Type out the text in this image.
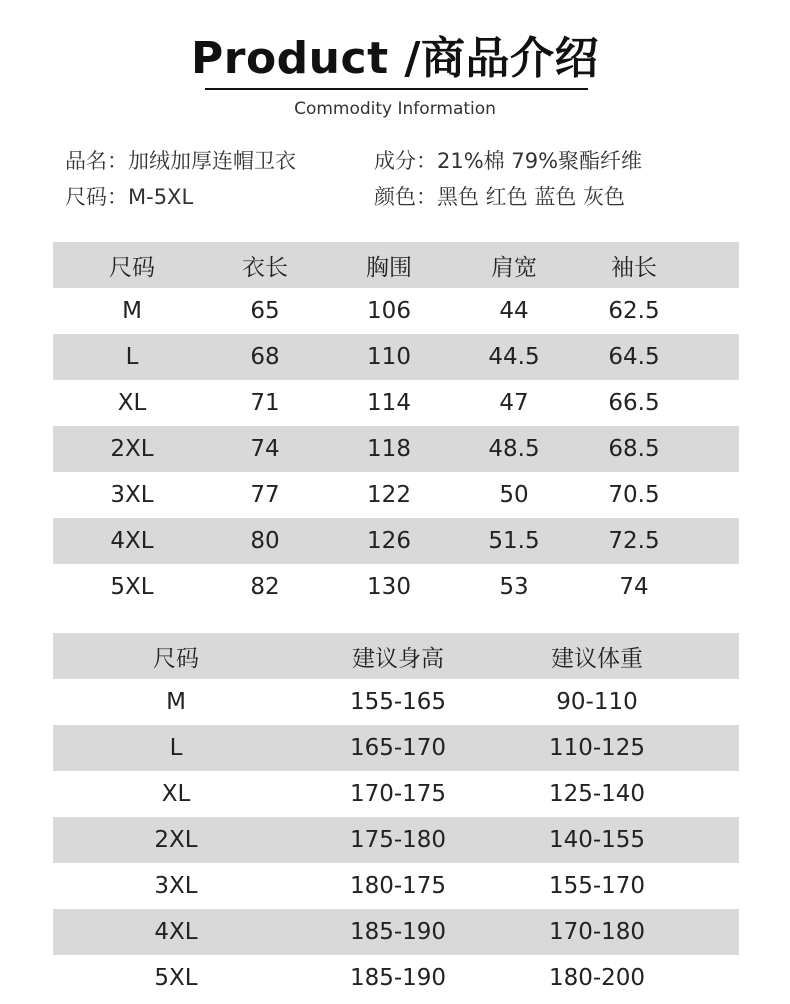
Product /商品介绍
Commodity Information
品名：加绒加厚连帽卫衣	成分：21%棉 79%聚酯纤维
尺码：M-5XL	颜色：黑色 红色 蓝色 灰色
尺码	衣长	胸围	肩宽	袖长
M	65	106	44	62.5
L	68	110	44.5	64.5
XL	71	114	47	66.5
2XL	74	118	48.5	68.5
3XL	77	122	50	70.5
4XL	80	126	51.5	72.5
5XL	82	130	53	74
尺码	建议身高	建议体重
M	155-165	90-110
L	165-170	110-125
XL	170-175	125-140
2XL	175-180	140-155
3XL	180-175	155-170
4XL	185-190	170-180
5XL	185-190	180-200
